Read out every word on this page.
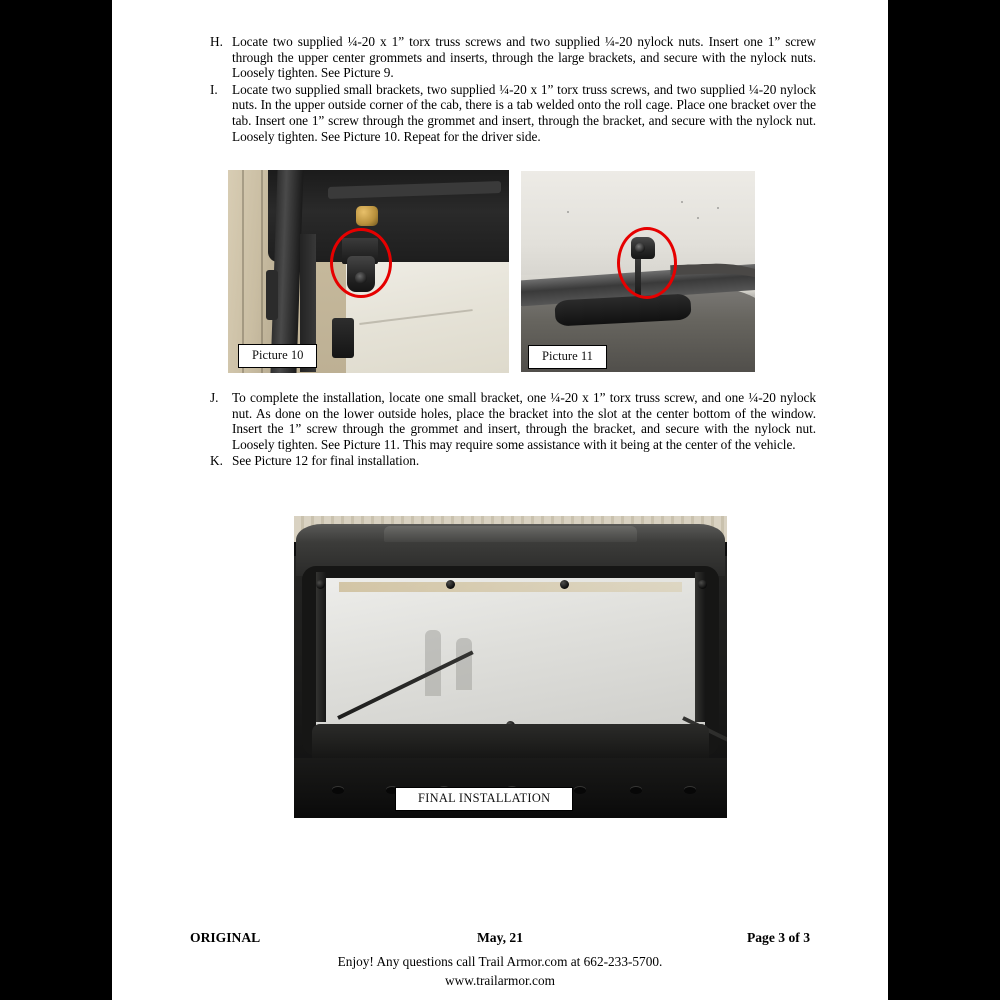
H. Locate two supplied ¼-20 x 1” torx truss screws and two supplied ¼-20 nylock nuts. Insert one 1” screw through the upper center grommets and inserts, through the large brackets, and secure with the nylock nuts. Loosely tighten. See Picture 9.
I.	Locate two supplied small brackets, two supplied ¼-20 x 1” torx truss screws, and two supplied ¼-20 nylock nuts. In the upper outside corner of the cab, there is a tab welded onto the roll cage. Place one bracket over the tab. Insert one 1” screw through the grommet and insert, through the bracket, and secure with the nylock nut. Loosely tighten. See Picture 10. Repeat for the driver side.
Picture 10	Picture 11
J.	To complete the installation, locate one small bracket, one ¼-20 x 1” torx truss screw, and one ¼-20 nylock nut. As done on the lower outside holes, place the bracket into the slot at the center bottom of the window. Insert the 1” screw through the grommet and insert, through the bracket, and secure with the nylock nut. Loosely tighten. See Picture 11. This may require some assistance with it being at the center of the vehicle.
K. See Picture 12 for final installation.
FINAL INSTALLATION
ORIGINAL	May, 21	Page 3 of 3
Enjoy! Any questions call Trail Armor.com at 662-233-5700.
www.trailarmor.com
